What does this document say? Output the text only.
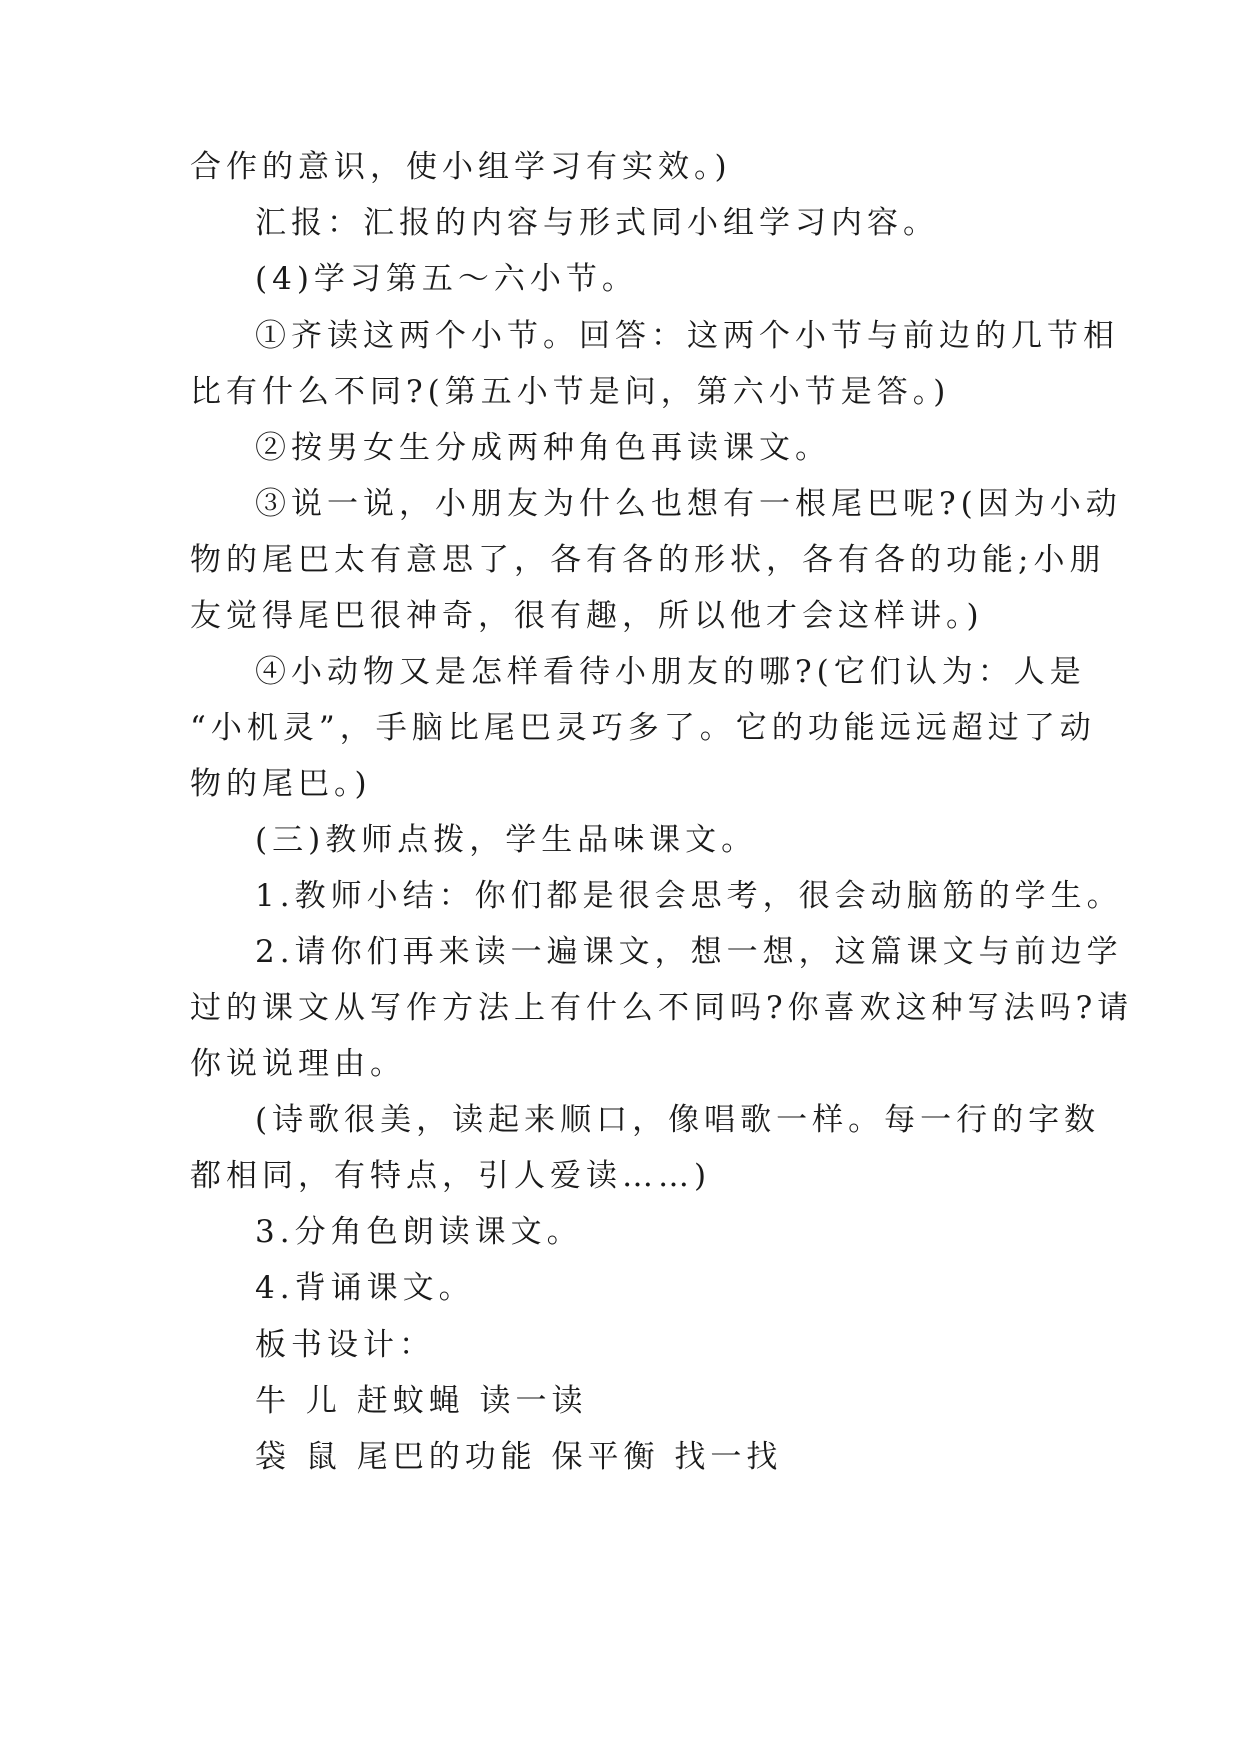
合作的意识，使小组学习有实效。)

汇报：汇报的内容与形式同小组学习内容。

(4)学习第五～六小节。

①齐读这两个小节。回答：这两个小节与前边的几节相

比有什么不同?(第五小节是问，第六小节是答。)

②按男女生分成两种角色再读课文。

③说一说，小朋友为什么也想有一根尾巴呢?(因为小动

物的尾巴太有意思了，各有各的形状，各有各的功能;小朋

友觉得尾巴很神奇，很有趣，所以他才会这样讲。)

④小动物又是怎样看待小朋友的哪?(它们认为：人是

“小机灵”，手脑比尾巴灵巧多了。它的功能远远超过了动

物的尾巴。)

(三)教师点拨，学生品味课文。

1.教师小结：你们都是很会思考，很会动脑筋的学生。

2.请你们再来读一遍课文，想一想，这篇课文与前边学

过的课文从写作方法上有什么不同吗?你喜欢这种写法吗?请

你说说理由。

(诗歌很美，读起来顺口，像唱歌一样。每一行的字数

都相同，有特点，引人爱读……)

3.分角色朗读课文。

4.背诵课文。

板书设计：

牛 儿 赶蚊蝇 读一读

袋 鼠 尾巴的功能 保平衡 找一找
